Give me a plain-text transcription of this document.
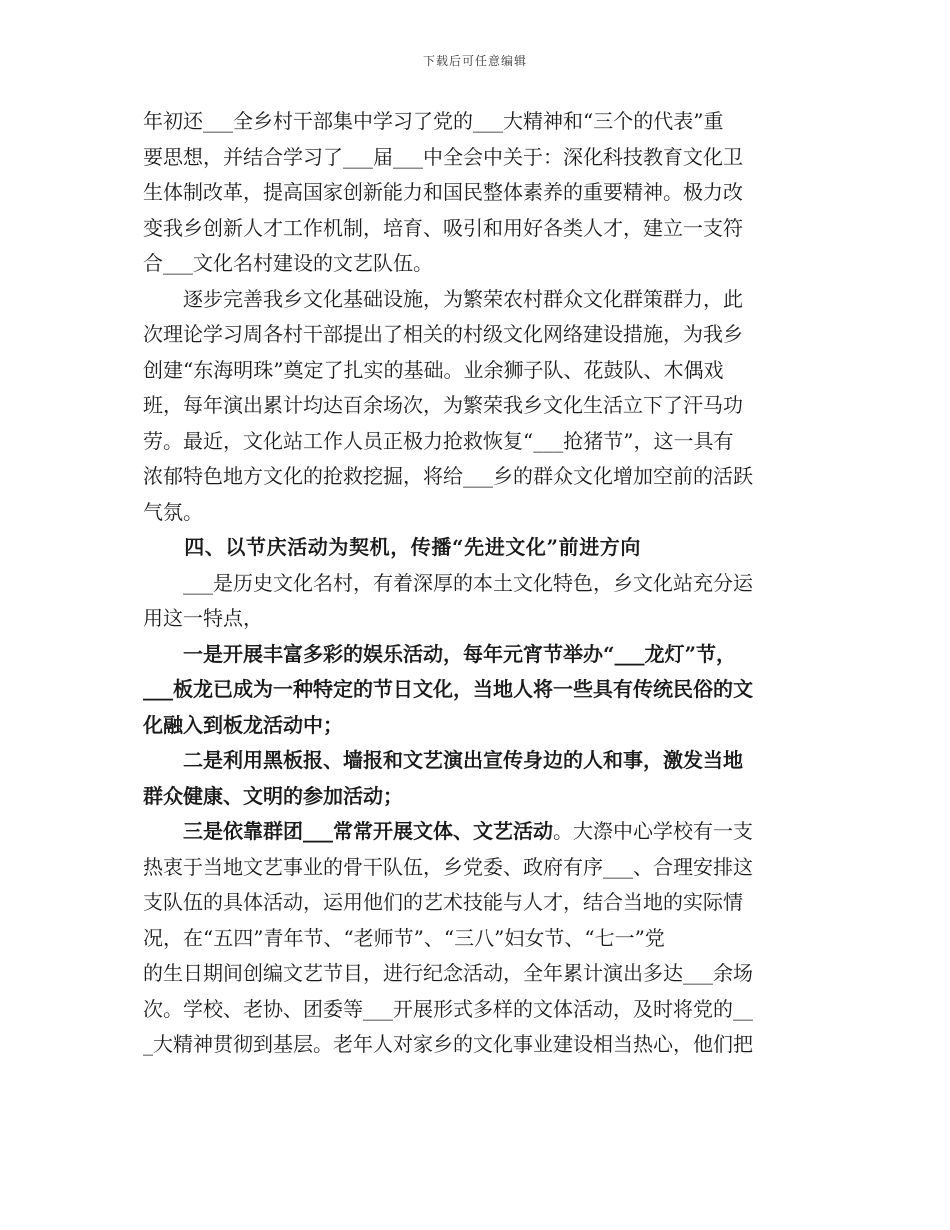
下载后可任意编辑

年初还___全乡村干部集中学习了党的___大精神和“三个的代表”重
要思想，并结合学习了___届___中全会中关于：深化科技教育文化卫
生体制改革，提高国家创新能力和国民整体素养的重要精神。极力改
变我乡创新人才工作机制，培育、吸引和用好各类人才，建立一支符
合___文化名村建设的文艺队伍。

　　逐步完善我乡文化基础设施，为繁荣农村群众文化群策群力，此
次理论学习周各村干部提出了相关的村级文化网络建设措施，为我乡
创建“东海明珠”奠定了扎实的基础。业余狮子队、花鼓队、木偶戏
班，每年演出累计均达百余场次，为繁荣我乡文化生活立下了汗马功
劳。最近，文化站工作人员正极力抢救恢复“___抢猪节”，这一具有
浓郁特色地方文化的抢救挖掘，将给___乡的群众文化增加空前的活跃
气氛。

　　四、以节庆活动为契机，传播“先进文化”前进方向

　　___是历史文化名村，有着深厚的本土文化特色，乡文化站充分运
用这一特点，

　　一是开展丰富多彩的娱乐活动，每年元宵节举办“___龙灯”节，
___板龙已成为一种特定的节日文化，当地人将一些具有传统民俗的文
化融入到板龙活动中；

　　二是利用黑板报、墙报和文艺演出宣传身边的人和事，激发当地
群众健康、文明的参加活动；

　　三是依靠群团___常常开展文体、文艺活动。大漈中心学校有一支
热衷于当地文艺事业的骨干队伍，乡党委、政府有序___、合理安排这
支队伍的具体活动，运用他们的艺术技能与人才，结合当地的实际情
况，在“五四”青年节、“老师节”、“三八”妇女节、“七一”党
的生日期间创编文艺节目，进行纪念活动，全年累计演出多达___余场
次。学校、老协、团委等___开展形式多样的文体活动，及时将党的__
_大精神贯彻到基层。老年人对家乡的文化事业建设相当热心，他们把
